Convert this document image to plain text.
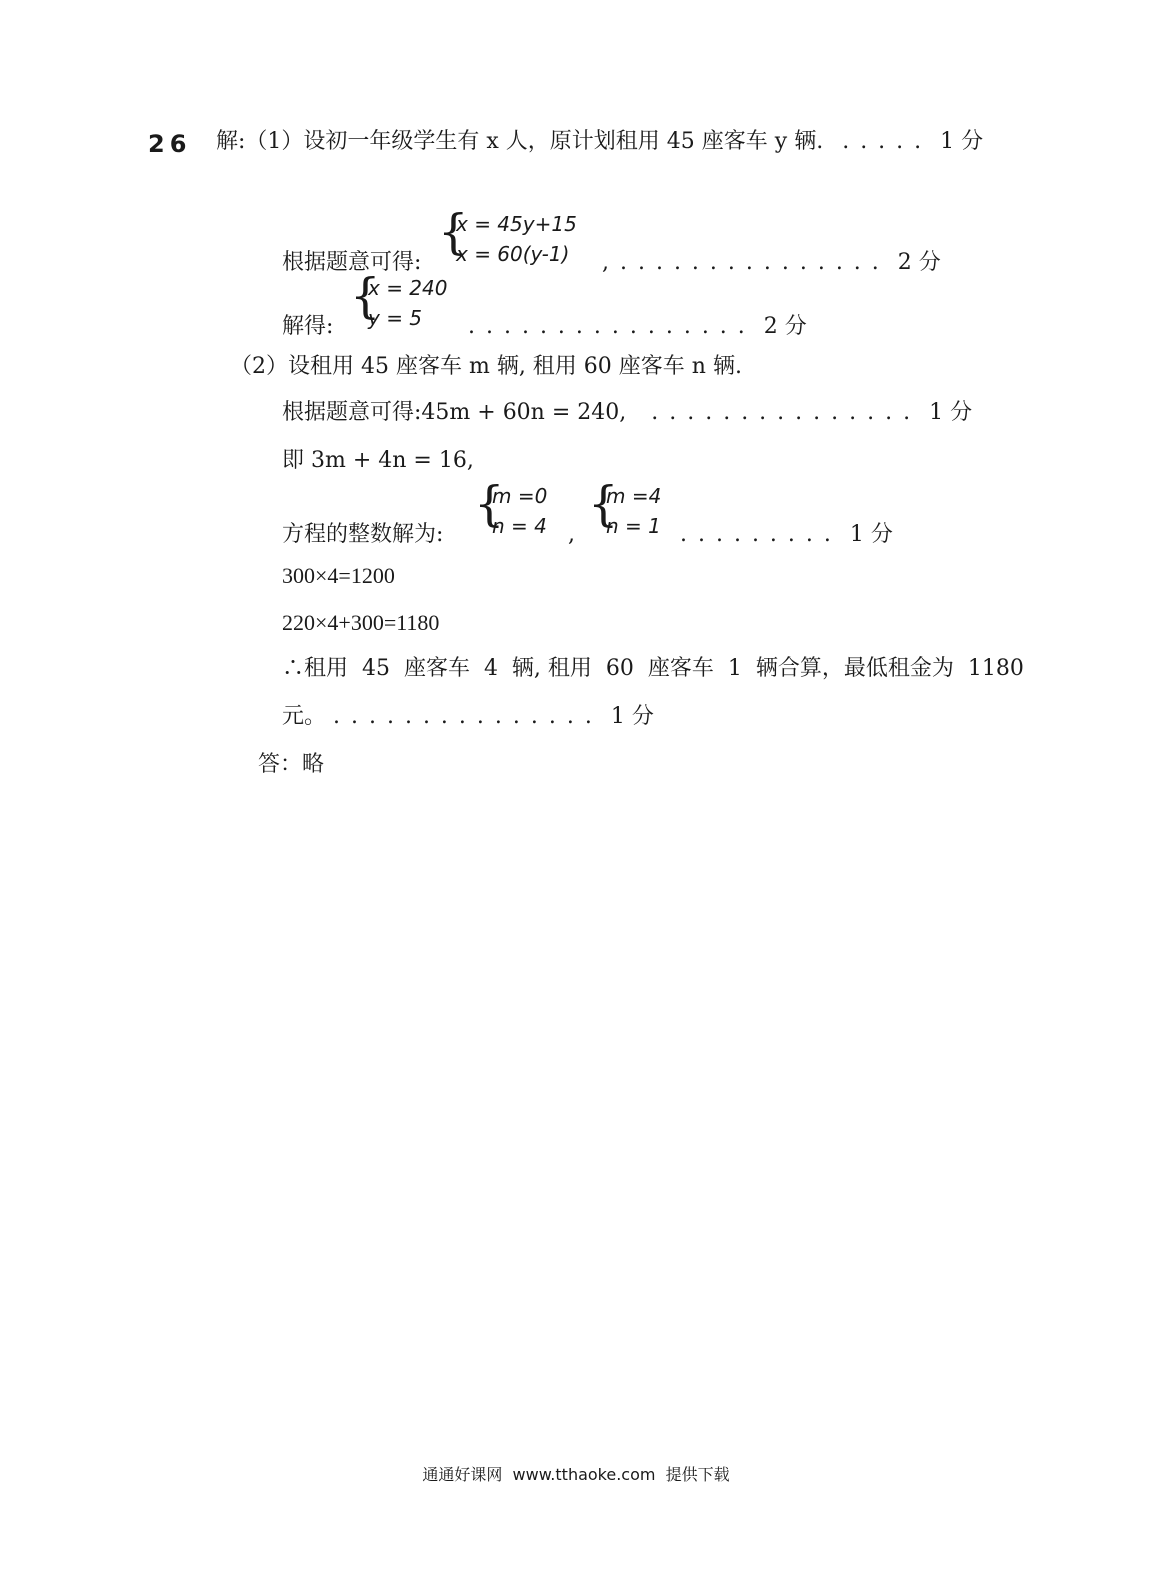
26 解:（1）设初一年级学生有 x 人，原计划租用 45 座客车 y 辆. . . . . . 1 分
根据题意可得:
{
x = 45y+15
x = 60(y-1) , . . . . . . . . . . . . . . . 2 分
解得:
{
x = 240
y = 5 . . . . . . . . . . . . . . . . 2 分
（2）设租用 45 座客车 m 辆, 租用 60 座客车 n 辆.
根据题意可得:45m + 60n = 240, . . . . . . . . . . . . . . . 1 分
即 3m + 4n = 16,
方程的整数解为:
{
m =0
n = 4 ,
{
m =4
n = 1 . . . . . . . . . 1 分
300×4=1200
220×4+300=1180
∴租用  45  座客车  4  辆, 租用  60  座客车  1  辆合算，最低租金为  1180
元。 . . . . . . . . . . . . . . . 1 分
答：略
通通好课网  www.tthaoke.com  提供下载
